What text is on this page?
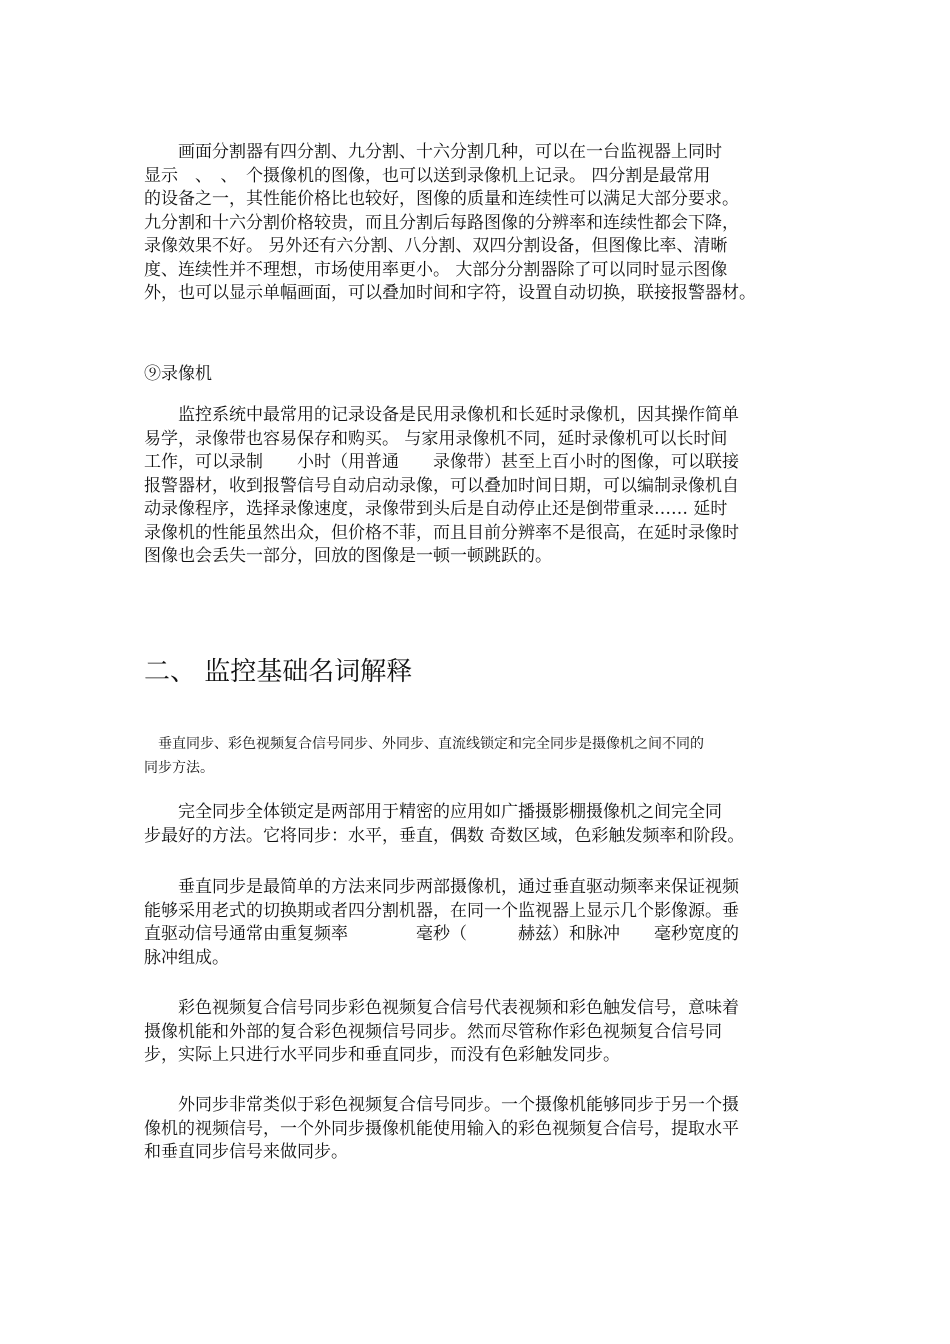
　　画面分割器有四分割、九分割、十六分割几种，可以在一台监视器上同时
显示　、　、　个摄像机的图像，也可以送到录像机上记录。 四分割是最常用
的设备之一，其性能价格比也较好，图像的质量和连续性可以满足大部分要求。
九分割和十六分割价格较贵，而且分割后每路图像的分辨率和连续性都会下降，
录像效果不好。 另外还有六分割、八分割、双四分割设备，但图像比率、清晰
度、连续性并不理想，市场使用率更小。 大部分分割器除了可以同时显示图像
外，也可以显示单幅画面，可以叠加时间和字符，设置自动切换，联接报警器材。

⑨录像机

　　监控系统中最常用的记录设备是民用录像机和长延时录像机，因其操作简单
易学，录像带也容易保存和购买。 与家用录像机不同，延时录像机可以长时间
工作，可以录制　　小时（用普通　　录像带）甚至上百小时的图像，可以联接
报警器材，收到报警信号自动启动录像，可以叠加时间日期，可以编制录像机自
动录像程序，选择录像速度，录像带到头后是自动停止还是倒带重录…… 延时
录像机的性能虽然出众，但价格不菲，而且目前分辨率不是很高，在延时录像时
图像也会丢失一部分，回放的图像是一顿一顿跳跃的。
二、 监控基础名词解释
　垂直同步、彩色视频复合信号同步、外同步、直流线锁定和完全同步是摄像机之间不同的
同步方法。
　　完全同步全体锁定是两部用于精密的应用如广播摄影棚摄像机之间完全同
步最好的方法。它将同步：水平，垂直，偶数 奇数区域，色彩触发频率和阶段。
　　垂直同步是最简单的方法来同步两部摄像机，通过垂直驱动频率来保证视频
能够采用老式的切换期或者四分割机器，在同一个监视器上显示几个影像源。垂
直驱动信号通常由重复频率　　　　毫秒（　　　赫兹）和脉冲　　毫秒宽度的
脉冲组成。
　　彩色视频复合信号同步彩色视频复合信号代表视频和彩色触发信号，意味着
摄像机能和外部的复合彩色视频信号同步。然而尽管称作彩色视频复合信号同
步，实际上只进行水平同步和垂直同步，而没有色彩触发同步。
　　外同步非常类似于彩色视频复合信号同步。一个摄像机能够同步于另一个摄
像机的视频信号，一个外同步摄像机能使用输入的彩色视频复合信号，提取水平
和垂直同步信号来做同步。
